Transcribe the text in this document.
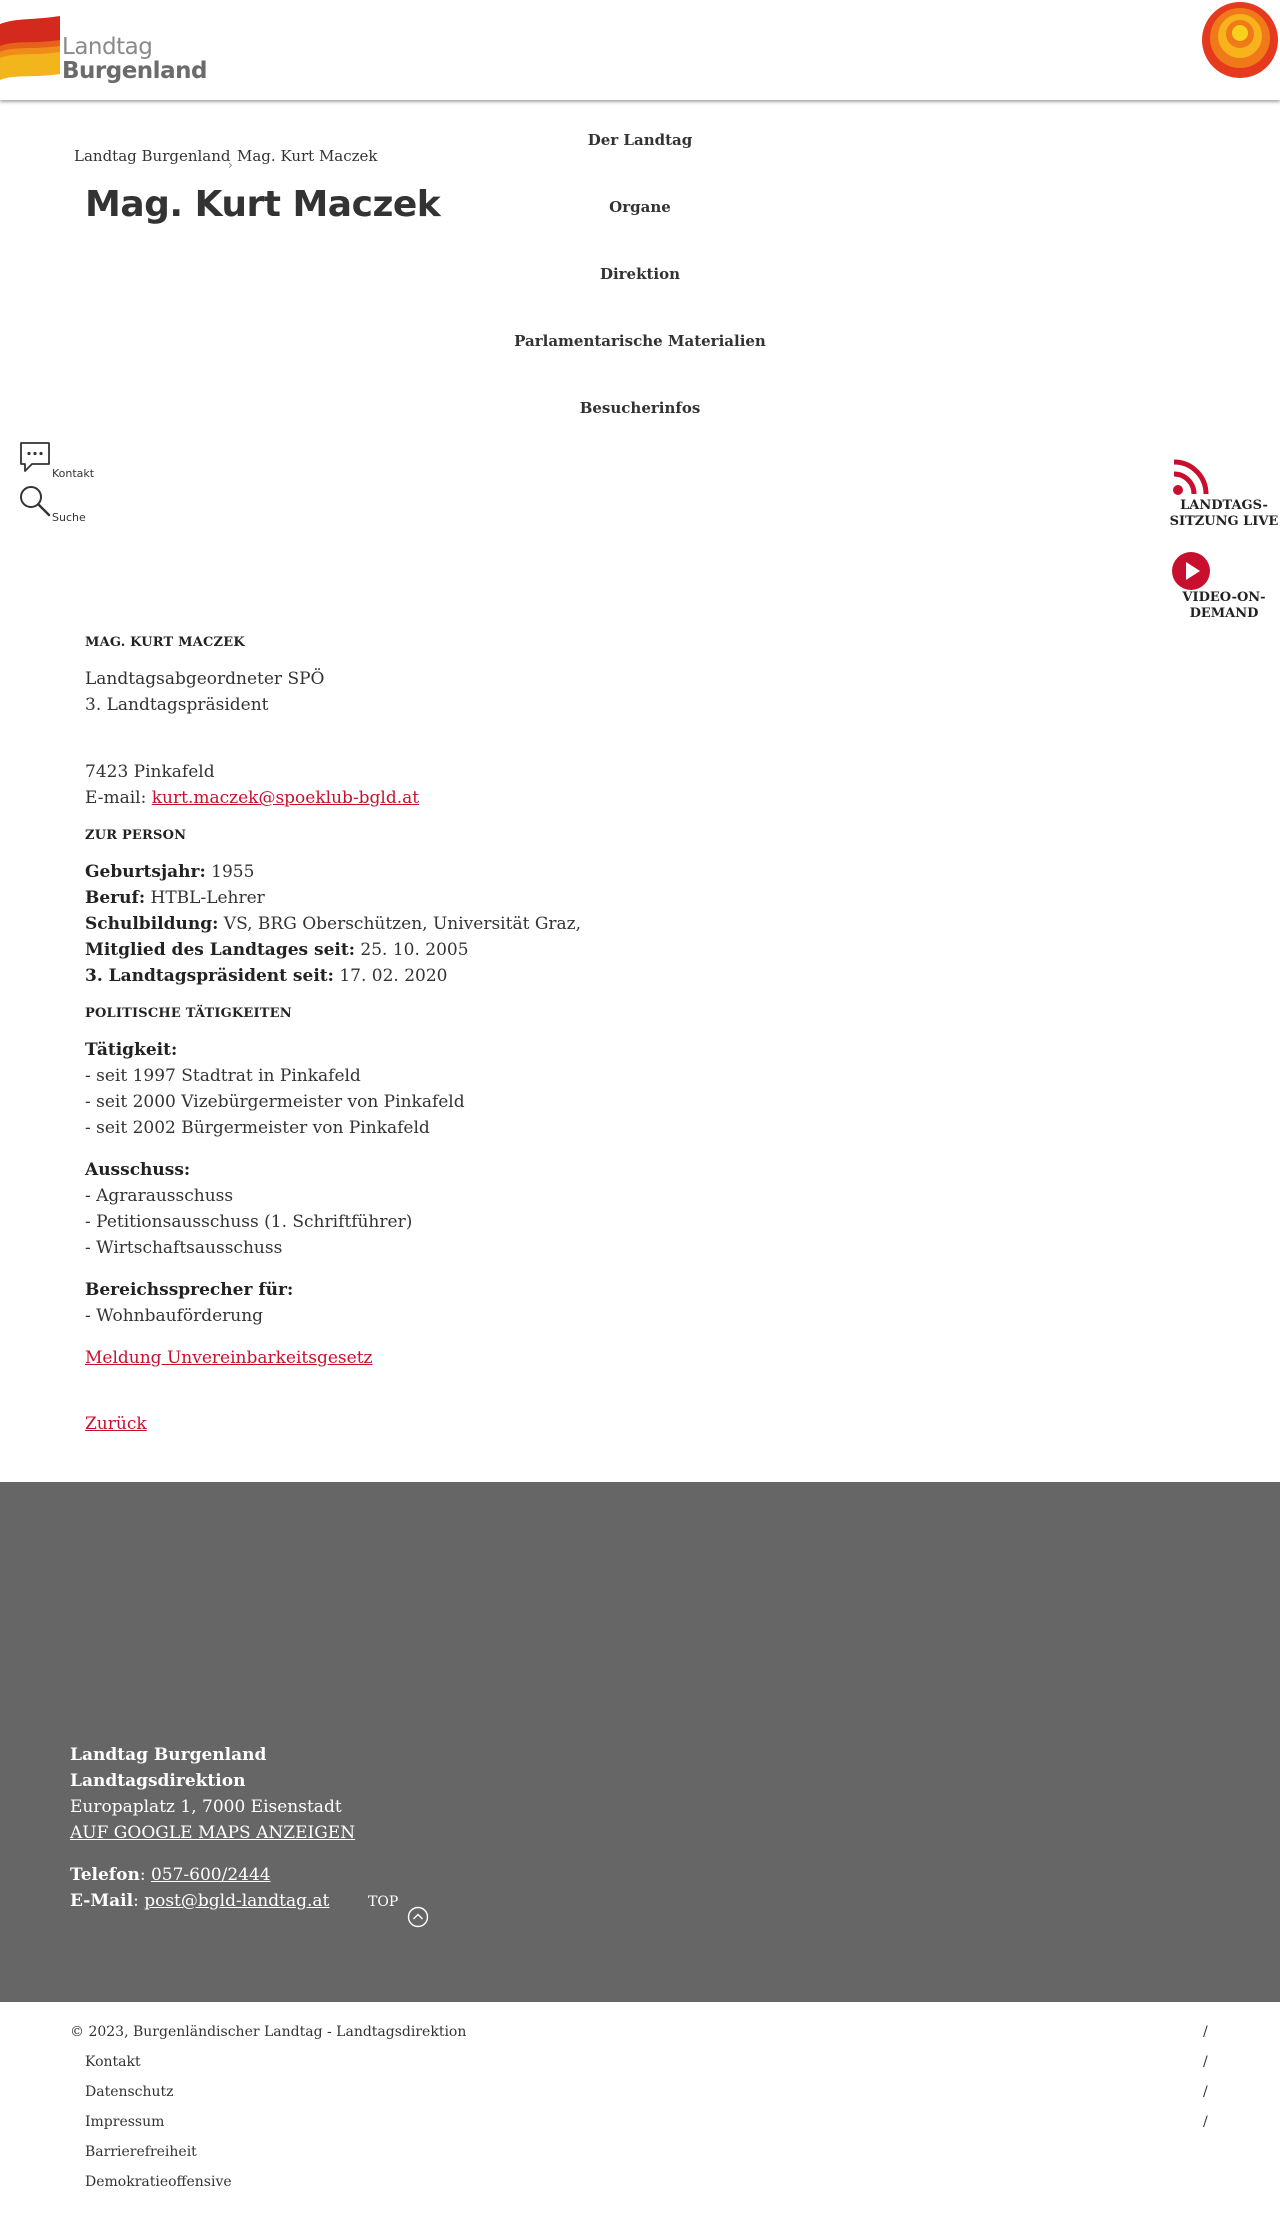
Landtag
Burgenland
Landtag Burgenland
› Mag. Kurt Maczek
Mag. Kurt Maczek
Der Landtag
Organe
Direktion
Parlamentarische Materialien
Besucherinfos
Kontakt
Suche
LANDTAGS-
SITZUNG LIVE
VIDEO-ON-
DEMAND
MAG. KURT MACZEK
Landtagsabgeordneter SPÖ
3. Landtagspräsident
7423 Pinkafeld
E-mail: kurt.maczek@spoeklub-bgld.at
ZUR PERSON
Geburtsjahr: 1955
Beruf: HTBL-Lehrer
Schulbildung: VS, BRG Oberschützen, Universität Graz,
Mitglied des Landtages seit: 25. 10. 2005
3. Landtagspräsident seit: 17. 02. 2020
POLITISCHE TÄTIGKEITEN
Tätigkeit:
- seit 1997 Stadtrat in Pinkafeld
- seit 2000 Vizebürgermeister von Pinkafeld
- seit 2002 Bürgermeister von Pinkafeld
Ausschuss:
- Agrarausschuss
- Petitionsausschuss (1. Schriftführer)
- Wirtschaftsausschuss
Bereichssprecher für:
- Wohnbauförderung
Meldung Unvereinbarkeitsgesetz
Zurück
Landtag Burgenland
Landtagsdirektion
Europaplatz 1, 7000 Eisenstadt
AUF GOOGLE MAPS ANZEIGEN
Telefon: 057-600/2444
E-Mail: post@bgld-landtag.at	TOP
© 2023, Burgenländischer Landtag - Landtagsdirektion	/
Kontakt	/
Datenschutz	/
Impressum	/
Barrierefreiheit
Demokratieoffensive
